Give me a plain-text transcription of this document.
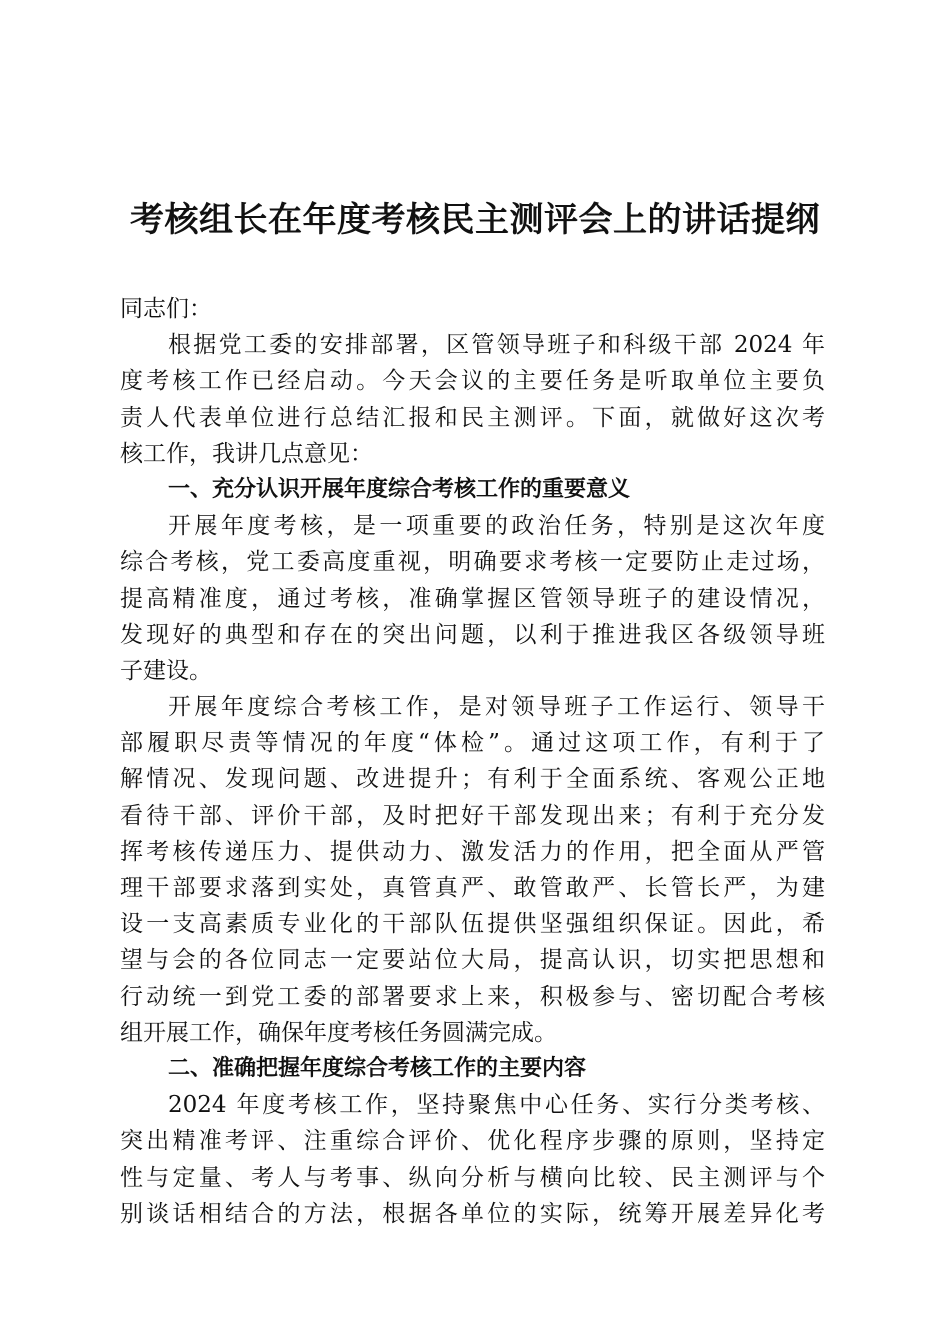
考核组长在年度考核民主测评会上的讲话提纲
同志们：
根据党工委的安排部署，区管领导班子和科级干部 2024 年
度考核工作已经启动。今天会议的主要任务是听取单位主要负
责人代表单位进行总结汇报和民主测评。下面，就做好这次考
核工作，我讲几点意见：
一、充分认识开展年度综合考核工作的重要意义
开展年度考核，是一项重要的政治任务，特别是这次年度
综合考核，党工委高度重视，明确要求考核一定要防止走过场，
提高精准度，通过考核，准确掌握区管领导班子的建设情况，
发现好的典型和存在的突出问题，以利于推进我区各级领导班
子建设。
开展年度综合考核工作，是对领导班子工作运行、领导干
部履职尽责等情况的年度“体检”。通过这项工作，有利于了
解情况、发现问题、改进提升；有利于全面系统、客观公正地
看待干部、评价干部，及时把好干部发现出来；有利于充分发
挥考核传递压力、提供动力、激发活力的作用，把全面从严管
理干部要求落到实处，真管真严、敢管敢严、长管长严，为建
设一支高素质专业化的干部队伍提供坚强组织保证。因此，希
望与会的各位同志一定要站位大局，提高认识，切实把思想和
行动统一到党工委的部署要求上来，积极参与、密切配合考核
组开展工作，确保年度考核任务圆满完成。
二、准确把握年度综合考核工作的主要内容
2024 年度考核工作，坚持聚焦中心任务、实行分类考核、
突出精准考评、注重综合评价、优化程序步骤的原则，坚持定
性与定量、考人与考事、纵向分析与横向比较、民主测评与个
别谈话相结合的方法，根据各单位的实际，统筹开展差异化考
